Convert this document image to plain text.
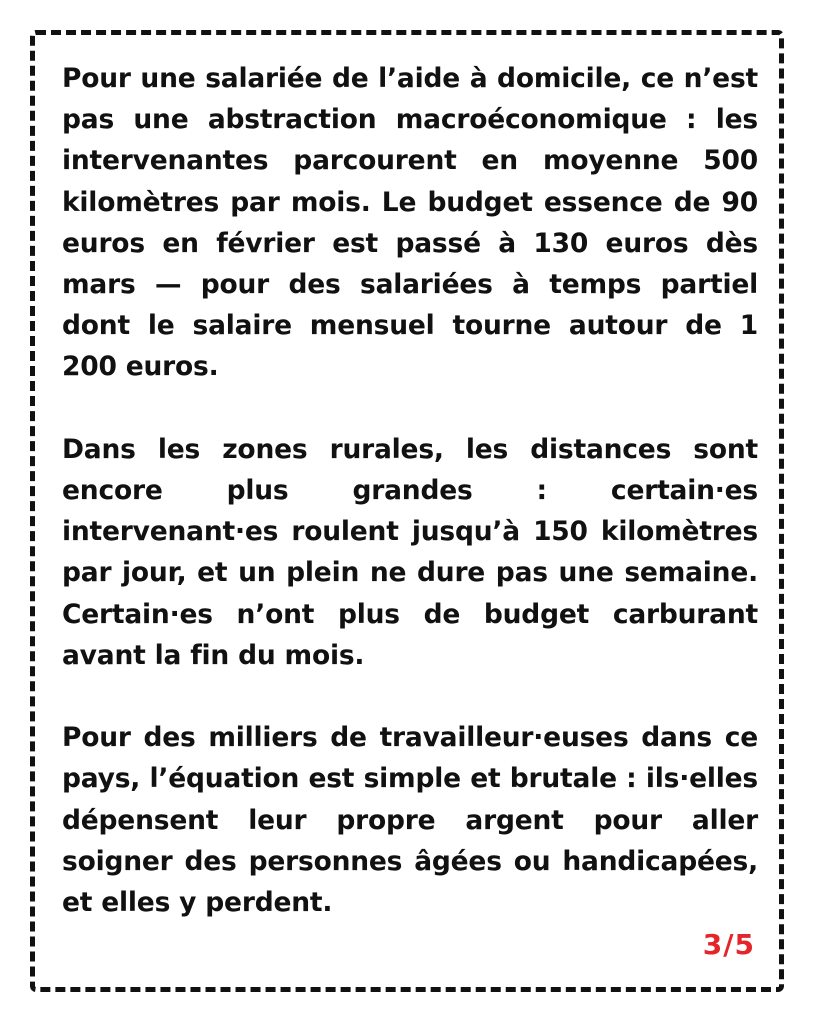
Pour une salariée de l’aide à domicile, ce n’est pas une abstraction macroéconomique : les intervenantes parcourent en moyenne 500 kilomètres par mois. Le budget essence de 90 euros en février est passé à 130 euros dès mars — pour des salariées à temps partiel dont le salaire mensuel tourne autour de 1 200 euros.

Dans les zones rurales, les distances sont encore plus grandes : certain·es intervenant·es roulent jusqu’à 150 kilomètres par jour, et un plein ne dure pas une semaine. Certain·es n’ont plus de budget carburant avant la fin du mois.

Pour des milliers de travailleur·euses dans ce pays, l’équation est simple et brutale : ils·elles dépensent leur propre argent pour aller soigner des personnes âgées ou handicapées, et elles y perdent.

3/5
